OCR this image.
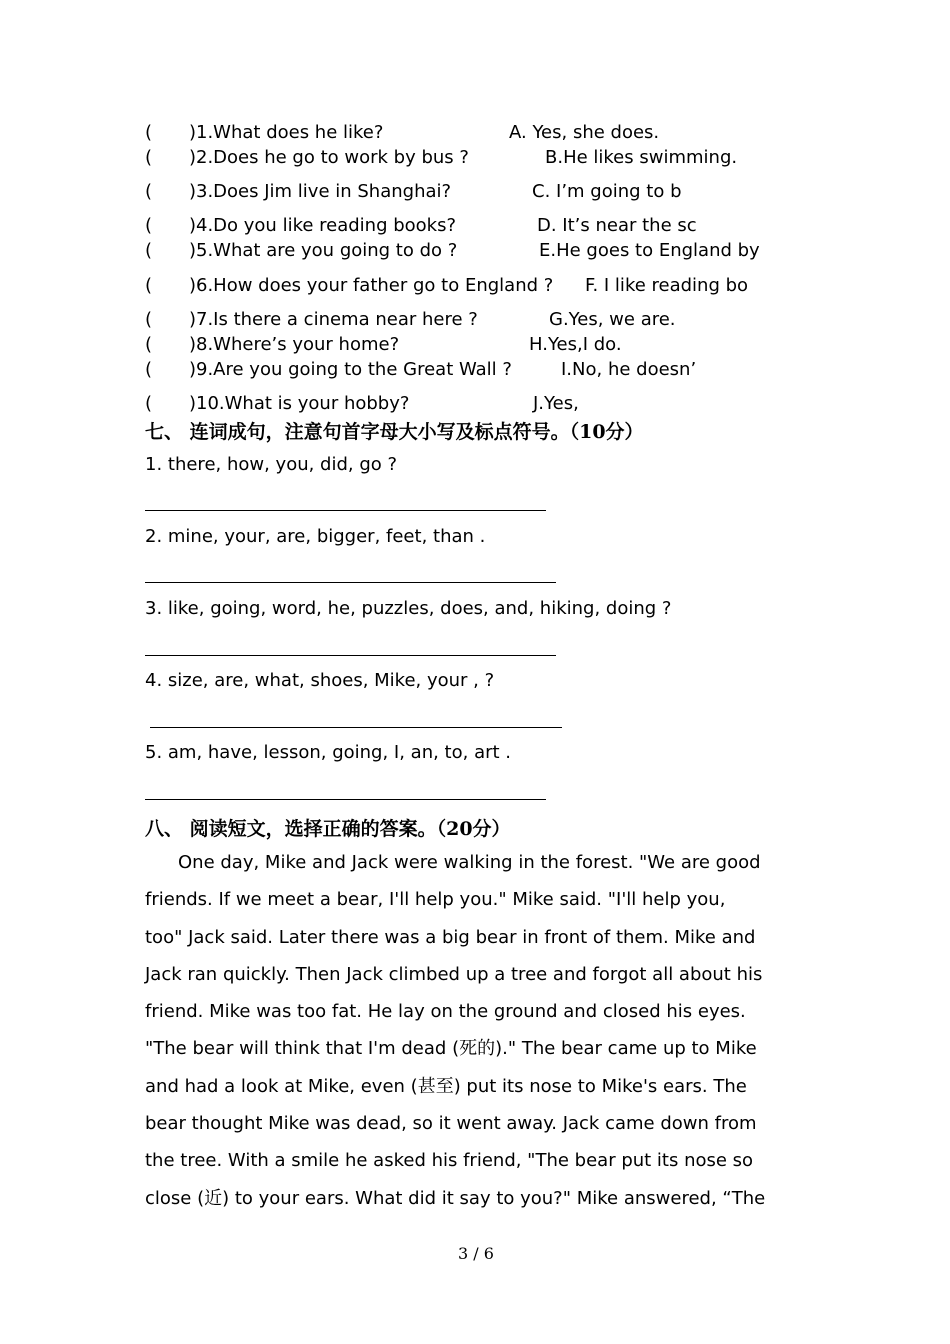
( ) 1.What does he like?	A. Yes, she does.
( ) 2.Does he go to work by bus ?	B.He likes swimming.
( ) 3.Does Jim live in Shanghai?	C. I’m going to b
( ) 4.Do you like reading books?	D. It’s near the sc
( ) 5.What are you going to do ?	E.He goes to England by
( ) 6.How does your father go to England ? F. I like reading bo
( ) 7.Is there a cinema near here ?	G.Yes, we are.
( ) 8.Where’s your home?	H.Yes,I do.
( ) 9.Are you going to the Great Wall ?	I.No, he doesn’
( ) 10.What is your hobby?	J.Yes,
七、 连词成句，注意句首字母大小写及标点符号。（10分）
1. there, how, you, did, go ?
2. mine, your, are, bigger, feet, than .
3. like, going, word, he, puzzles, does, and, hiking, doing ?
4. size, are, what, shoes, Mike, your , ?
5. am, have, lesson, going, I, an, to, art .
八、 阅读短文，选择正确的答案。（20分）

One day, Mike and Jack were walking in the forest. "We are good

friends. If we meet a bear, I'll help you." Mike said. "I'll help you,

too" Jack said. Later there was a big bear in front of them. Mike and

Jack ran quickly. Then Jack climbed up a tree and forgot all about his

friend. Mike was too fat. He lay on the ground and closed his eyes.

"The bear will think that I'm dead (死的)." The bear came up to Mike

and had a look at Mike, even (甚至) put its nose to Mike's ears. The

bear thought Mike was dead, so it went away. Jack came down from

the tree. With a smile he asked his friend, "The bear put its nose so

close (近) to your ears. What did it say to you?" Mike answered, “The

3 / 6
